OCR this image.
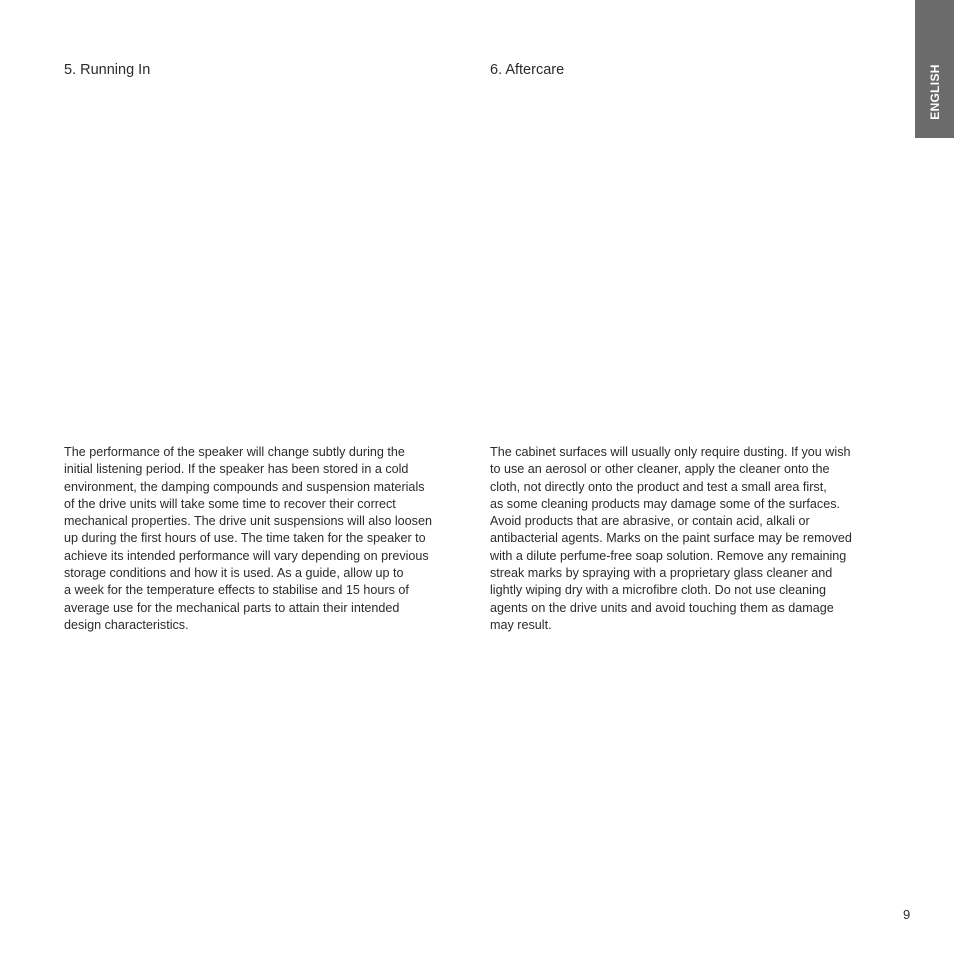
5. Running In	6. Aftercare

The performance of the speaker will change subtly during the
initial listening period. If the speaker has been stored in a cold
environment, the damping compounds and suspension materials
of the drive units will take some time to recover their correct
mechanical properties. The drive unit suspensions will also loosen
up during the first hours of use. The time taken for the speaker to
achieve its intended performance will vary depending on previous
storage conditions and how it is used. As a guide, allow up to
a week for the temperature effects to stabilise and 15 hours of
average use for the mechanical parts to attain their intended
design characteristics.

The cabinet surfaces will usually only require dusting. If you wish
to use an aerosol or other cleaner, apply the cleaner onto the
cloth, not directly onto the product and test a small area first,
as some cleaning products may damage some of the surfaces.
Avoid products that are abrasive, or contain acid, alkali or
antibacterial agents. Marks on the paint surface may be removed
with a dilute perfume-free soap solution. Remove any remaining
streak marks by spraying with a proprietary glass cleaner and
lightly wiping dry with a microfibre cloth. Do not use cleaning
agents on the drive units and avoid touching them as damage
may result.

ENGLISH
9
